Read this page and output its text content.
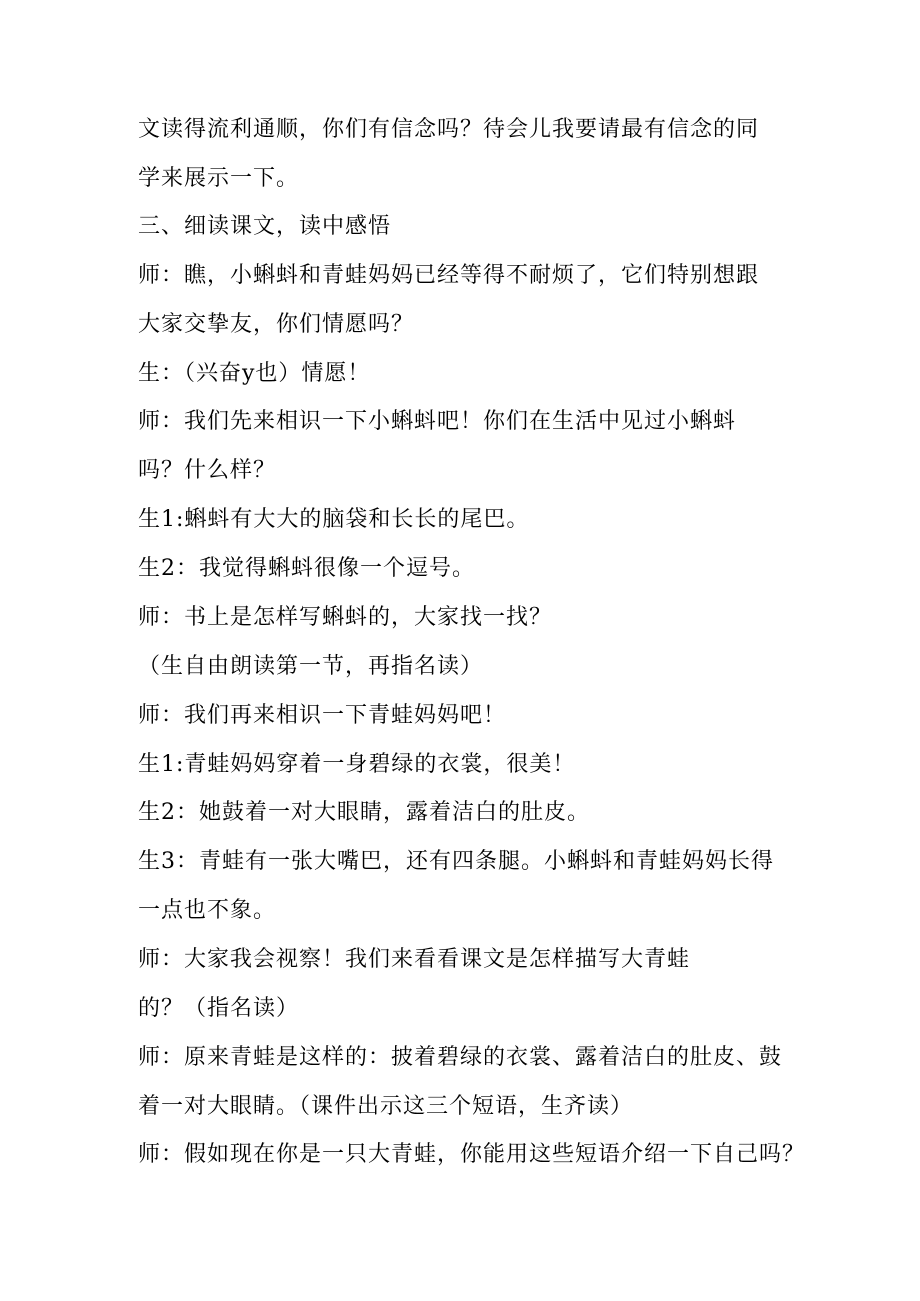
文读得流利通顺，你们有信念吗？待会儿我要请最有信念的同
学来展示一下。
三、细读课文，读中感悟
师：瞧，小蝌蚪和青蛙妈妈已经等得不耐烦了，它们特别想跟
大家交挚友，你们情愿吗？
生：（兴奋y也）情愿！
师：我们先来相识一下小蝌蚪吧！你们在生活中见过小蝌蚪
吗？什么样？
生1:蝌蚪有大大的脑袋和长长的尾巴。
生2：我觉得蝌蚪很像一个逗号。
师：书上是怎样写蝌蚪的，大家找一找？
（生自由朗读第一节，再指名读）
师：我们再来相识一下青蛙妈妈吧！
生1:青蛙妈妈穿着一身碧绿的衣裳，很美！
生2：她鼓着一对大眼睛，露着洁白的肚皮。
生3：青蛙有一张大嘴巴，还有四条腿。小蝌蚪和青蛙妈妈长得
一点也不象。
师：大家我会视察！我们来看看课文是怎样描写大青蛙
的？（指名读）
师：原来青蛙是这样的：披着碧绿的衣裳、露着洁白的肚皮、鼓
着一对大眼睛。（课件出示这三个短语，生齐读）
师：假如现在你是一只大青蛙，你能用这些短语介绍一下自己吗？
